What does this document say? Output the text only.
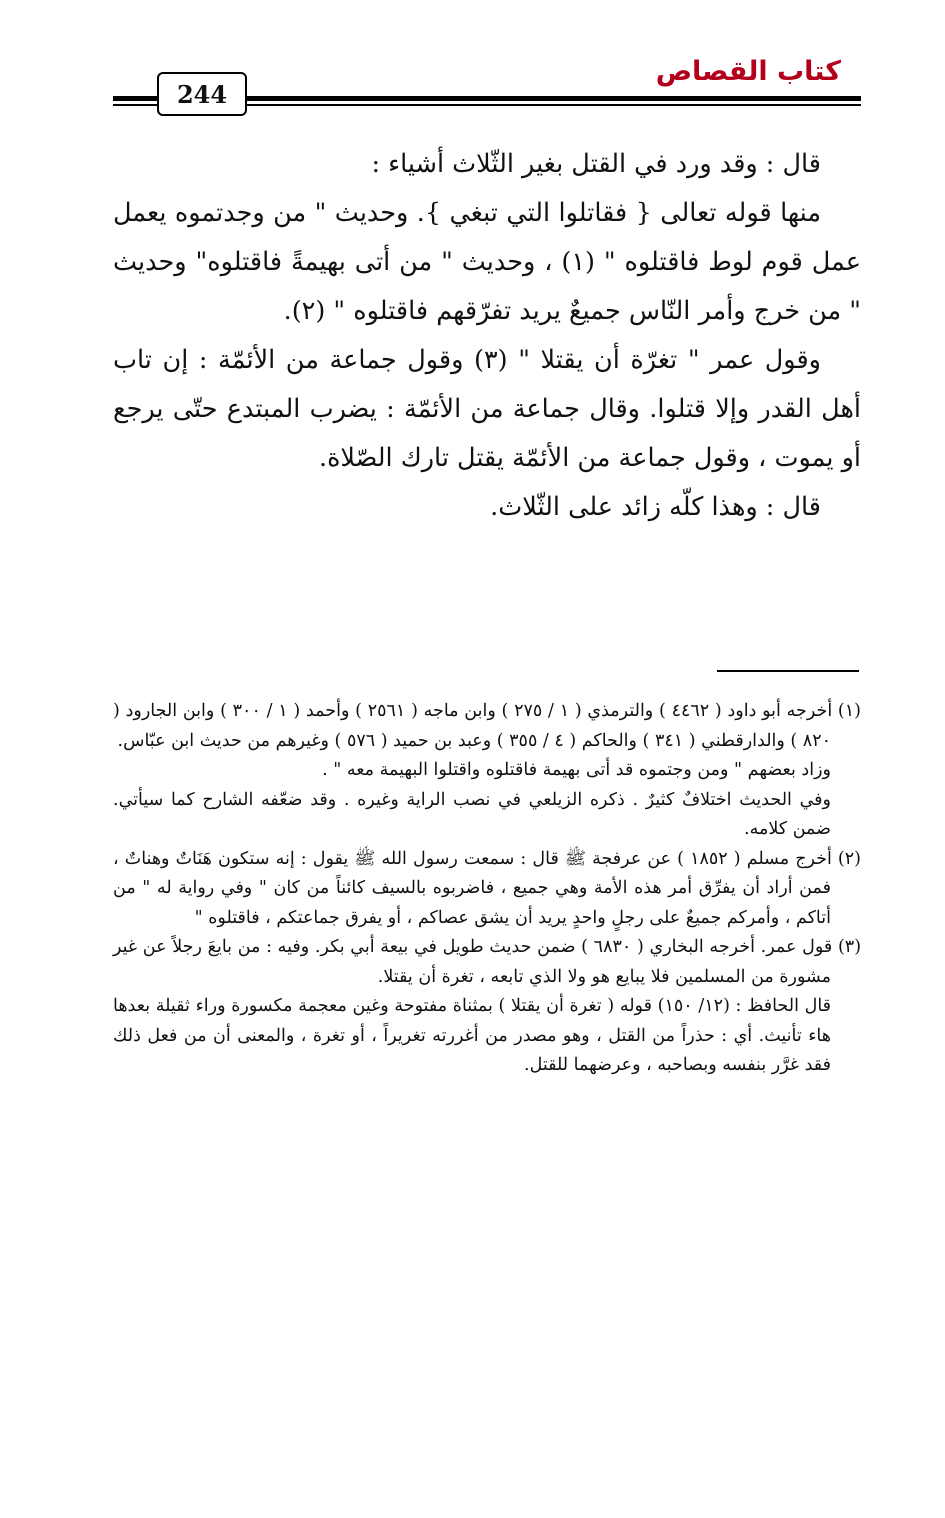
كتاب القصاص
244

قال : وقد ورد في القتل بغير الثّلاث أشياء :

منها قوله تعالى { فقاتلوا التي تبغي }. وحديث " من وجدتموه يعمل عمل قوم لوط فاقتلوه " (١) ، وحديث " من أتى بهيمةً فاقتلوه" وحديث " من خرج وأمر النّاس جميعٌ يريد تفرّقهم فاقتلوه " (٢).

وقول عمر " تغرّة أن يقتلا " (٣) وقول جماعة من الأئمّة : إن تاب أهل القدر وإلا قتلوا. وقال جماعة من الأئمّة : يضرب المبتدع حتّى يرجع أو يموت ، وقول جماعة من الأئمّة يقتل تارك الصّلاة.

قال : وهذا كلّه زائد على الثّلاث.

(١) أخرجه أبو داود ( ٤٤٦٢ ) والترمذي ( ١ / ٢٧٥ ) وابن ماجه ( ٢٥٦١ ) وأحمد ( ١ / ٣٠٠ ) وابن الجارود ( ٨٢٠ ) والدارقطني ( ٣٤١ ) والحاكم ( ٤ / ٣٥٥ ) وعبد بن حميد ( ٥٧٦ ) وغيرهم من حديث ابن عبّاس.

وزاد بعضهم " ومن وجتموه قد أتى بهيمة فاقتلوه واقتلوا البهيمة معه " .

وفي الحديث اختلافٌ كثيرٌ . ذكره الزيلعي في نصب الراية وغيره . وقد ضعّفه الشارح كما سيأتي. ضمن كلامه.

(٢) أخرج مسلم ( ١٨٥٢ ) عن عرفجة ﷺ قال : سمعت رسول الله ﷺ يقول : إنه ستكون هَنَاتٌ وهناتٌ ، فمن أراد أن يفرِّق أمر هذه الأمة وهي جميع ، فاضربوه بالسيف كائناً من كان " وفي رواية له " من أتاكم ، وأمركم جميعٌ على رجلٍ واحدٍ يريد أن يشق عصاكم ، أو يفرق جماعتكم ، فاقتلوه "

(٣) قول عمر. أخرجه البخاري ( ٦٨٣٠ ) ضمن حديث طويل في بيعة أبي بكر. وفيه : من بايعَ رجلاً عن غير مشورة من المسلمين فلا يبايع هو ولا الذي تابعه ، تغرة أن يقتلا.

قال الحافظ : (١٢/ ١٥٠) قوله ( تغرة أن يقتلا ) بمثناة مفتوحة وغين معجمة مكسورة وراء ثقيلة بعدها هاء تأنيث. أي : حذراً من القتل ، وهو مصدر من أغررته تغريراً ، أو تغرة ، والمعنى أن من فعل ذلك فقد غرَّر بنفسه وبصاحبه ، وعرضهما للقتل.
